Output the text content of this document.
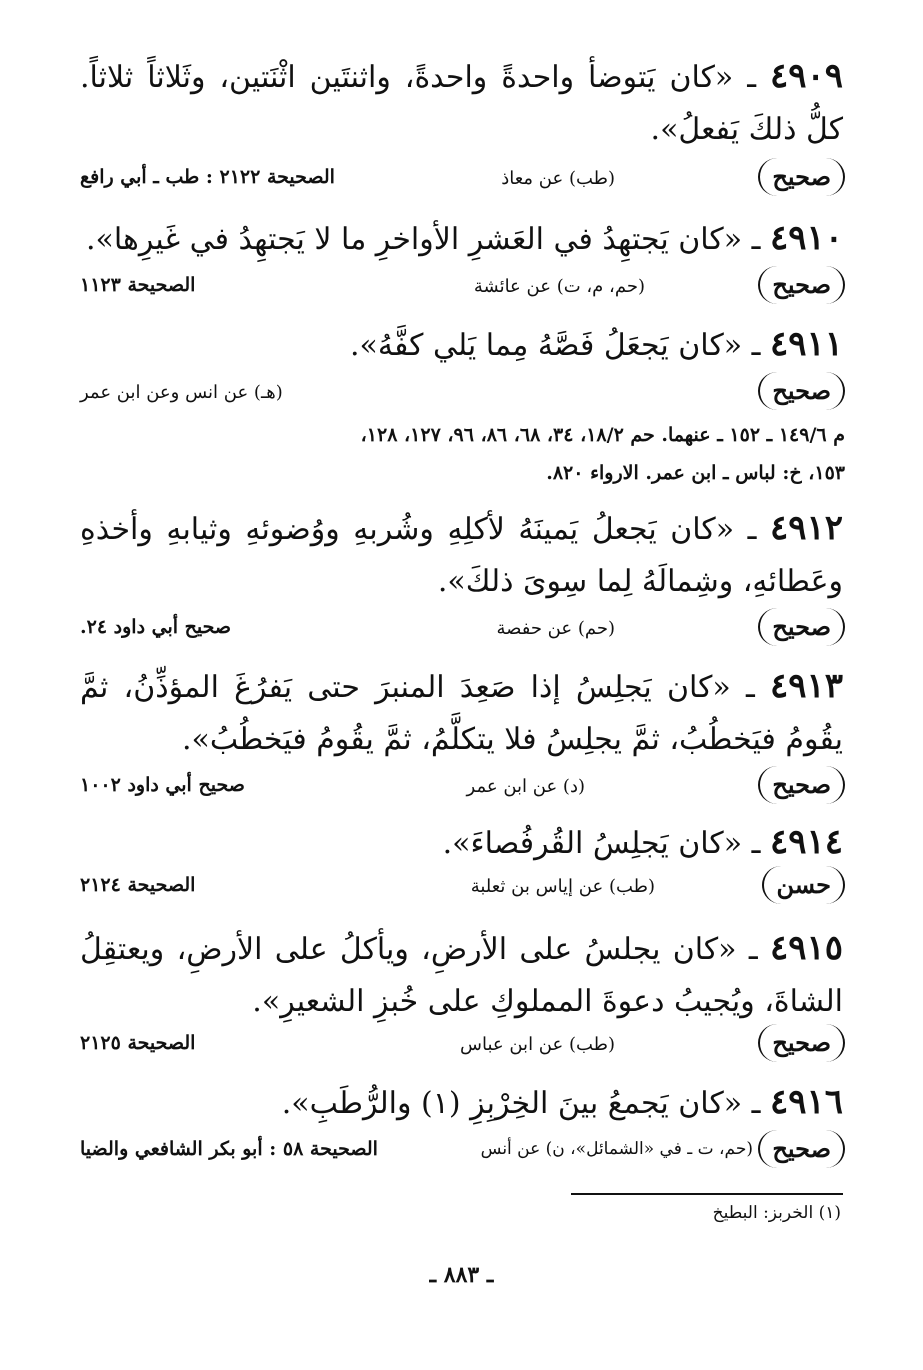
٤٩٠٩ ـ «كان يَتوضأ واحدةً واحدةً، واثنتَين اثْنَتين، وثَلاثاً ثلاثاً. كلُّ ذلكَ يَفعلُ».
صحيح
(طب) عن معاذ
الصحيحة ٢١٢٢ : طب ـ أبي رافع
٤٩١٠ ـ «كان يَجتهِدُ في العَشرِ الأواخرِ ما لا يَجتهِدُ في غَيرِها».
صحيح
(حم، م، ت) عن عائشة
الصحيحة ١١٢٣
٤٩١١ ـ «كان يَجعَلُ فَصَّهُ مِما يَلي كفَّهُ».
صحيح
(هـ) عن انس وعن ابن عمر
م ١٤٩/٦ ـ ١٥٢ ـ عنهما. حم ١٨/٢، ٣٤، ٦٨، ٨٦، ٩٦، ١٢٧، ١٢٨،
١٥٣، خ: لباس ـ ابن عمر. الارواء ٨٢٠.
٤٩١٢ ـ «كان يَجعلُ يَمينَهُ لأكلِهِ وشُربهِ ووُضوئهِ وثيابهِ وأخذهِ وعَطائهِ، وشِمالَهُ لِما سِوىَ ذلكَ».
صحيح
(حم) عن حفصة
صحيح أبي داود ٢٤.
٤٩١٣ ـ «كان يَجلِسُ إذا صَعِدَ المنبرَ حتى يَفرُغَ المؤذِّنُ، ثمَّ يقُومُ فيَخطُبُ، ثمَّ يجلِسُ فلا يتكلَّمُ، ثمَّ يقُومُ فيَخطُبُ».
صحيح
(د) عن ابن عمر
صحيح أبي داود ١٠٠٢
٤٩١٤ ـ «كان يَجلِسُ القُرفُصاءَ».
حسن
(طب) عن إياس بن ثعلبة
الصحيحة ٢١٢٤
٤٩١٥ ـ «كان يجلسُ على الأرضِ، ويأكلُ على الأرضِ، ويعتقِلُ الشاةَ، ويُجيبُ دعوةَ المملوكِ على خُبزِ الشعيرِ».
صحيح
(طب) عن ابن عباس
الصحيحة ٢١٢٥
٤٩١٦ ـ «كان يَجمعُ بينَ الخِرْبِزِ (١) والرُّطَبِ».
صحيح
(حم، ت ـ في «الشمائل»، ن) عن أنس
الصحيحة ٥٨ : أبو بكر الشافعي والضيا
(١) الخربز: البطيخ
ـ ٨٨٣ ـ
